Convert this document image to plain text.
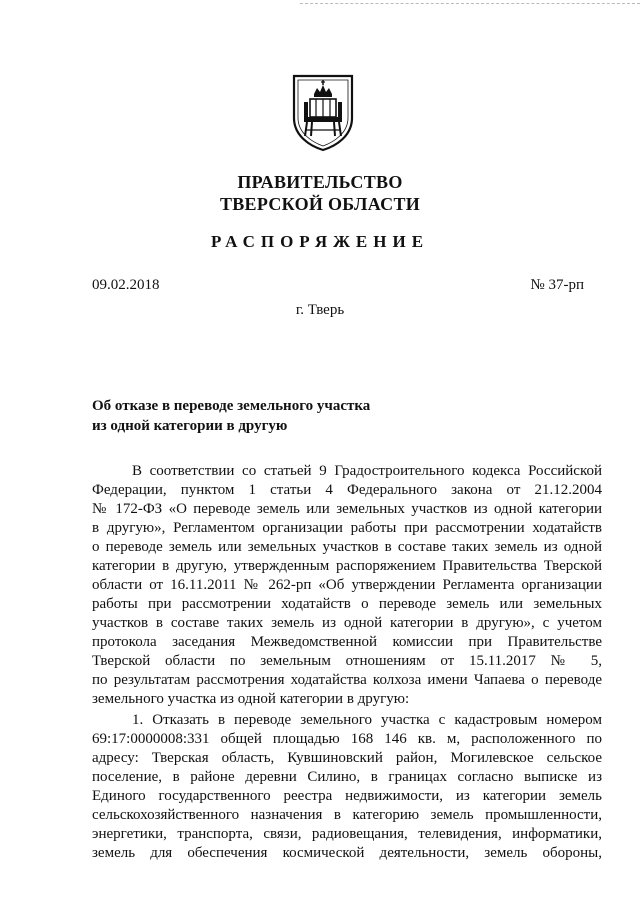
ПРАВИТЕЛЬСТВО
ТВЕРСКОЙ ОБЛАСТИ
РАСПОРЯЖЕНИЕ
09.02.2018	№ 37-рп
г. Тверь
Об отказе в переводе земельного участка
из одной категории в другую
В соответствии со статьей 9 Градостроительного кодекса Российской
Федерации, пунктом 1 статьи 4 Федерального закона от 21.12.2004
№ 172-ФЗ «О переводе земель или земельных участков из одной категории
в другую», Регламентом организации работы при рассмотрении ходатайств
о переводе земель или земельных участков в составе таких земель из одной
категории в другую, утвержденным распоряжением Правительства Тверской
области от 16.11.2011 № 262-рп «Об утверждении Регламента организации
работы при рассмотрении ходатайств о переводе земель или земельных
участков в составе таких земель из одной категории в другую», с учетом
протокола заседания Межведомственной комиссии при Правительстве
Тверской области по земельным отношениям от 15.11.2017 № 5,
по результатам рассмотрения ходатайства колхоза имени Чапаева о переводе
земельного участка из одной категории в другую:
1. Отказать в переводе земельного участка с кадастровым номером
69:17:0000008:331 общей площадью 168 146 кв. м, расположенного по
адресу: Тверская область, Кувшиновский район, Могилевское сельское
поселение, в районе деревни Силино, в границах согласно выписке из
Единого государственного реестра недвижимости, из категории земель
сельскохозяйственного назначения в категорию земель промышленности,
энергетики, транспорта, связи, радиовещания, телевидения, информатики,
земель для обеспечения космической деятельности, земель обороны,
